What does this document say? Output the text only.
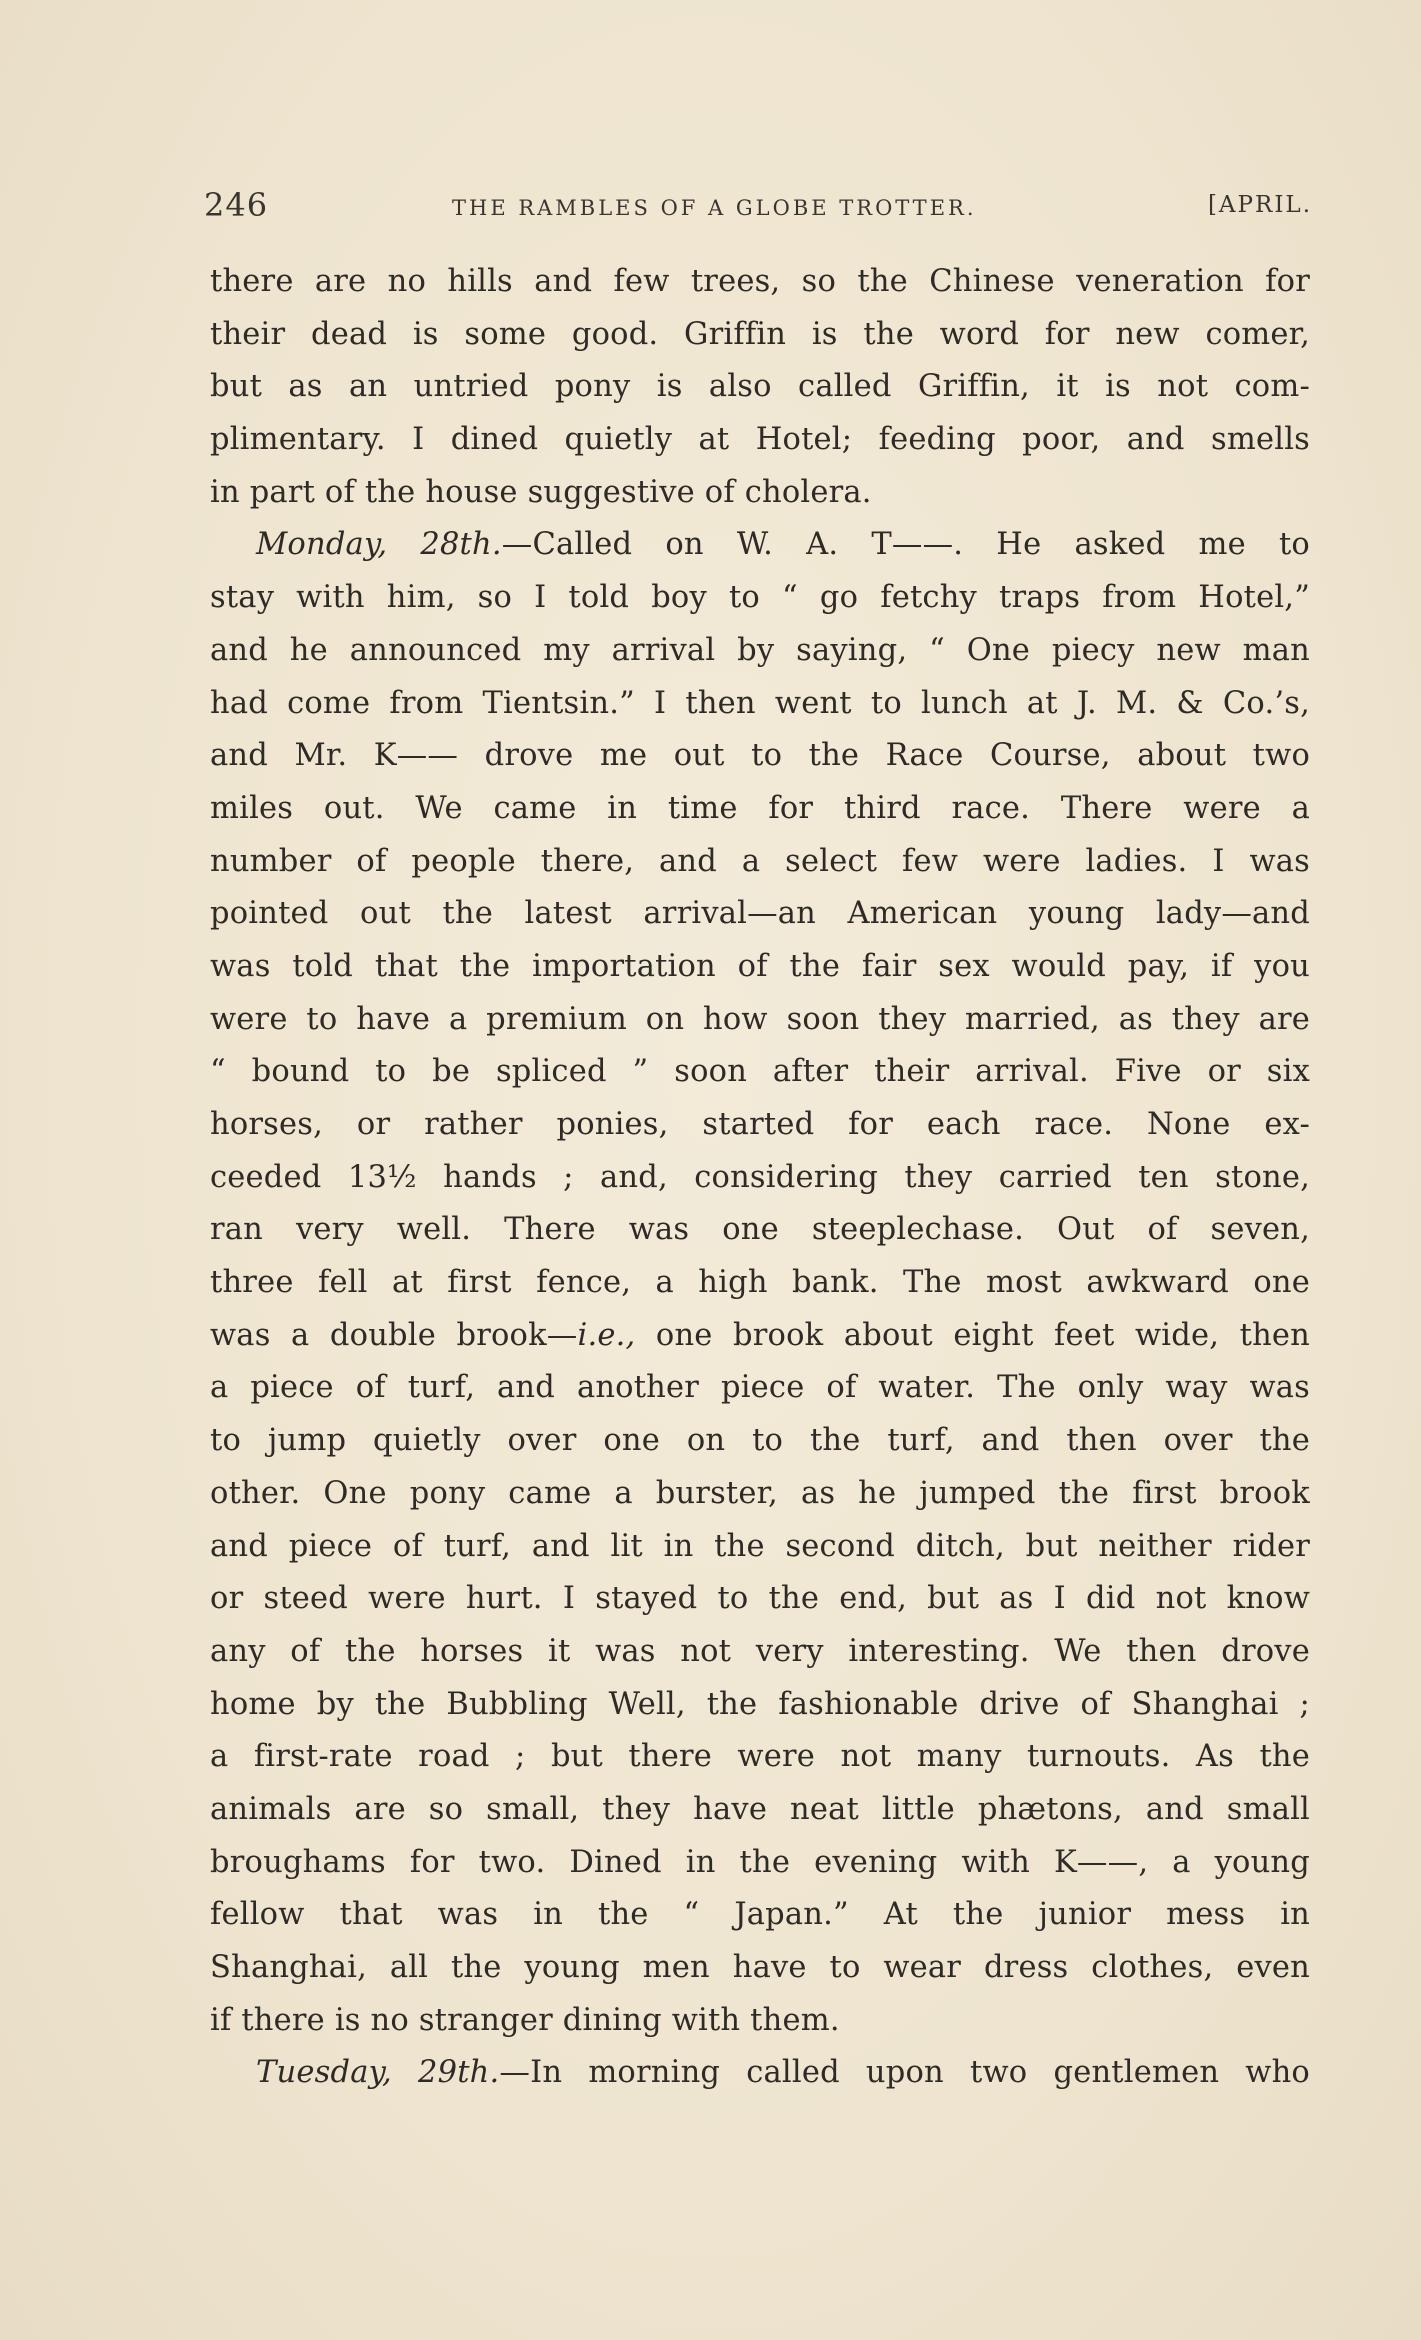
246	THE RAMBLES OF A GLOBE TROTTER.	[APRIL.
there are no hills and few trees, so the Chinese veneration for
their dead is some good. Griffin is the word for new comer,
but as an untried pony is also called Griffin, it is not com-
plimentary. I dined quietly at Hotel; feeding poor, and smells
in part of the house suggestive of cholera.
Monday, 28th.—Called on W. A. T——. He asked me to
stay with him, so I told boy to “ go fetchy traps from Hotel,”
and he announced my arrival by saying, “ One piecy new man
had come from Tientsin.” I then went to lunch at J. M. & Co.’s,
and Mr. K—— drove me out to the Race Course, about two
miles out. We came in time for third race. There were a
number of people there, and a select few were ladies. I was
pointed out the latest arrival—an American young lady—and
was told that the importation of the fair sex would pay, if you
were to have a premium on how soon they married, as they are
“ bound to be spliced ” soon after their arrival. Five or six
horses, or rather ponies, started for each race. None ex-
ceeded 13½ hands ; and, considering they carried ten stone,
ran very well. There was one steeplechase. Out of seven,
three fell at first fence, a high bank. The most awkward one
was a double brook—i.e., one brook about eight feet wide, then
a piece of turf, and another piece of water. The only way was
to jump quietly over one on to the turf, and then over the
other. One pony came a burster, as he jumped the first brook
and piece of turf, and lit in the second ditch, but neither rider
or steed were hurt. I stayed to the end, but as I did not know
any of the horses it was not very interesting. We then drove
home by the Bubbling Well, the fashionable drive of Shanghai ;
a first-rate road ; but there were not many turnouts. As the
animals are so small, they have neat little phætons, and small
broughams for two. Dined in the evening with K——, a young
fellow that was in the “ Japan.” At the junior mess in
Shanghai, all the young men have to wear dress clothes, even
if there is no stranger dining with them.
Tuesday, 29th.—In morning called upon two gentlemen who
